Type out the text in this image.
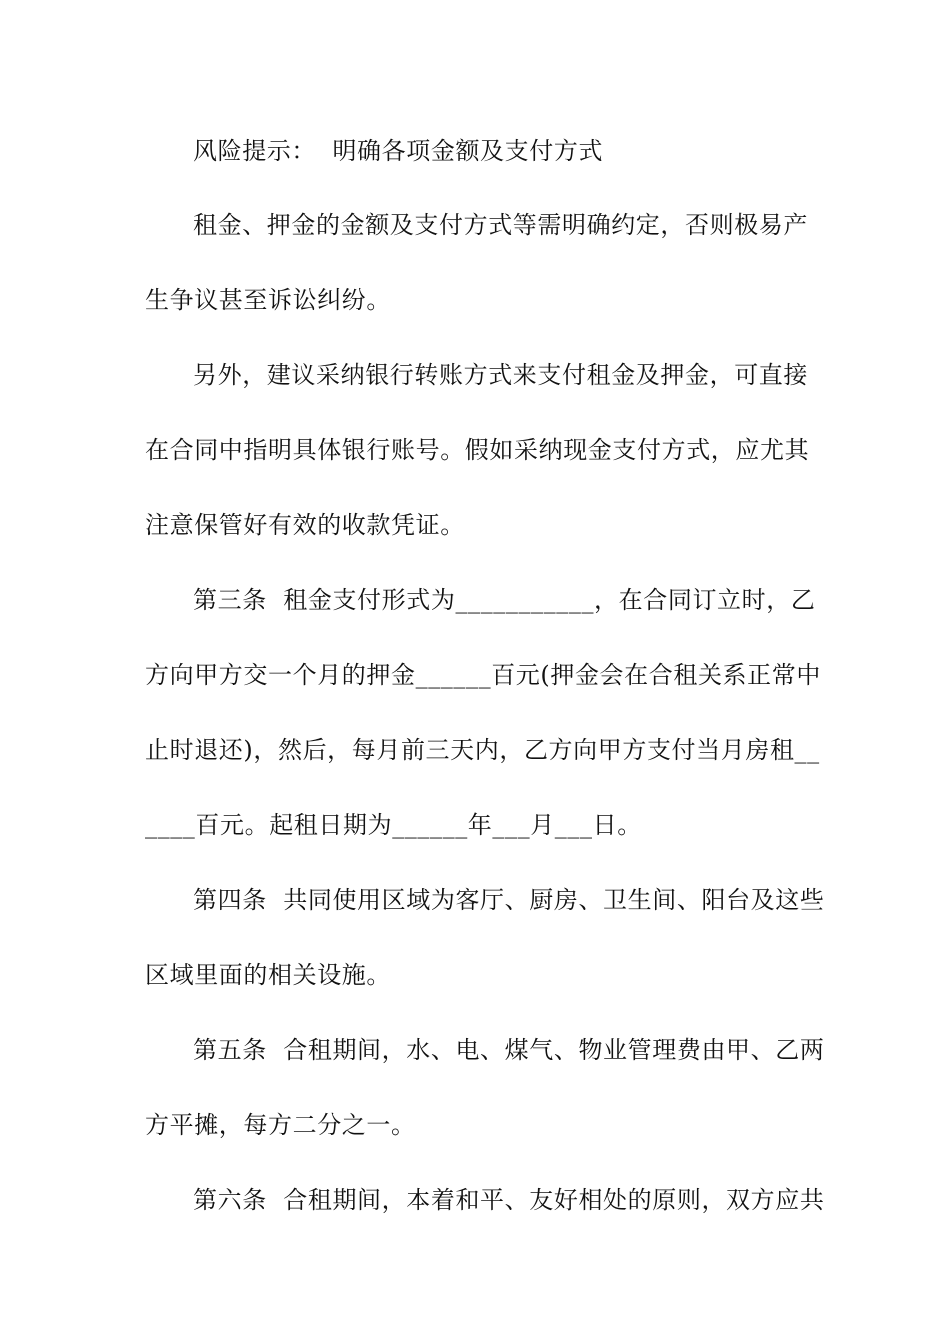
风险提示：  明确各项金额及支付方式
租金、押金的金额及支付方式等需明确约定，否则极易产
生争议甚至诉讼纠纷。
另外，建议采纳银行转账方式来支付租金及押金，可直接
在合同中指明具体银行账号。假如采纳现金支付方式，应尤其
注意保管好有效的收款凭证。
第三条  租金支付形式为___________，在合同订立时，乙
方向甲方交一个月的押金______百元(押金会在合租关系正常中
止时退还)，然后，每月前三天内，乙方向甲方支付当月房租__
____百元。起租日期为______年___月___日。
第四条  共同使用区域为客厅、厨房、卫生间、阳台及这些
区域里面的相关设施。
第五条  合租期间，水、电、煤气、物业管理费由甲、乙两
方平摊，每方二分之一。
第六条  合租期间，本着和平、友好相处的原则，双方应共
